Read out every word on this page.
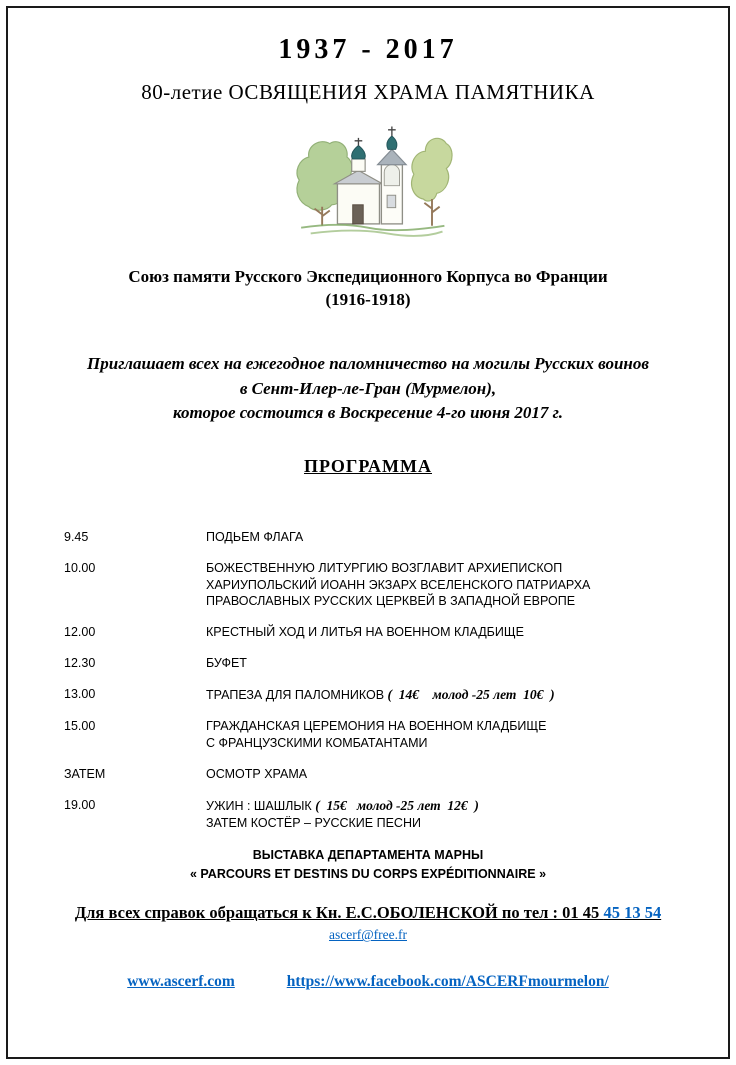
1937 - 2017
80-летие ОСВЯЩЕНИЯ ХРАМА ПАМЯТНИКА
Союз памяти Русского Экспедиционного Корпуса во Франции
(1916-1918)
Приглашает всех на ежегодное паломничество на могилы Русских воинов
в Сент-Илер-ле-Гран (Мурмелон),
которое состоится в Воскресение 4-го июня 2017 г.
ПРОГРАММА
9.45	ПОДЬЕМ ФЛАГА
10.00	БОЖЕСТВЕННУЮ ЛИТУРГИЮ ВОЗГЛАВИТ АРХИЕПИСКОП
ХАРИУПОЛЬСКИЙ ИОАНН ЭКЗАРХ ВСЕЛЕНСКОГО ПАТРИАРХА
ПРАВОСЛАВНЫХ РУССКИХ ЦЕРКВЕЙ В ЗАПАДНОЙ ЕВРОПЕ
12.00	КРЕСТНЫЙ ХОД И ЛИТЬЯ НА ВОЕННОМ КЛАДБИЩЕ
12.30	БУФЕТ
13.00	ТРАПЕЗА ДЛЯ ПАЛОМНИКОВ (  14€    молод -25 лет  10€  )
15.00	ГРАЖДАНСКАЯ ЦЕРЕМОНИЯ НА ВОЕННОМ КЛАДБИЩЕ
С ФРАНЦУЗСКИМИ КОМБАТАНТАМИ
ЗАТЕМ	ОСМОТР ХРАМА
19.00	УЖИН : ШАШЛЫК (  15€   молод -25 лет  12€  )
ЗАТЕМ КОСТЁР – РУССКИЕ ПЕСНИ
ВЫСТАВКА ДЕПАРТАМЕНТА МАРНЫ
« PARCOURS ET DESTINS DU CORPS EXPÉDITIONNAIRE »
Для всех справок обращаться к Кн. Е.С.ОБОЛЕНСКОЙ по тел : 01 45 45 13 54
ascerf@free.fr
www.ascerf.com	https://www.facebook.com/ASCERFmourmelon/
